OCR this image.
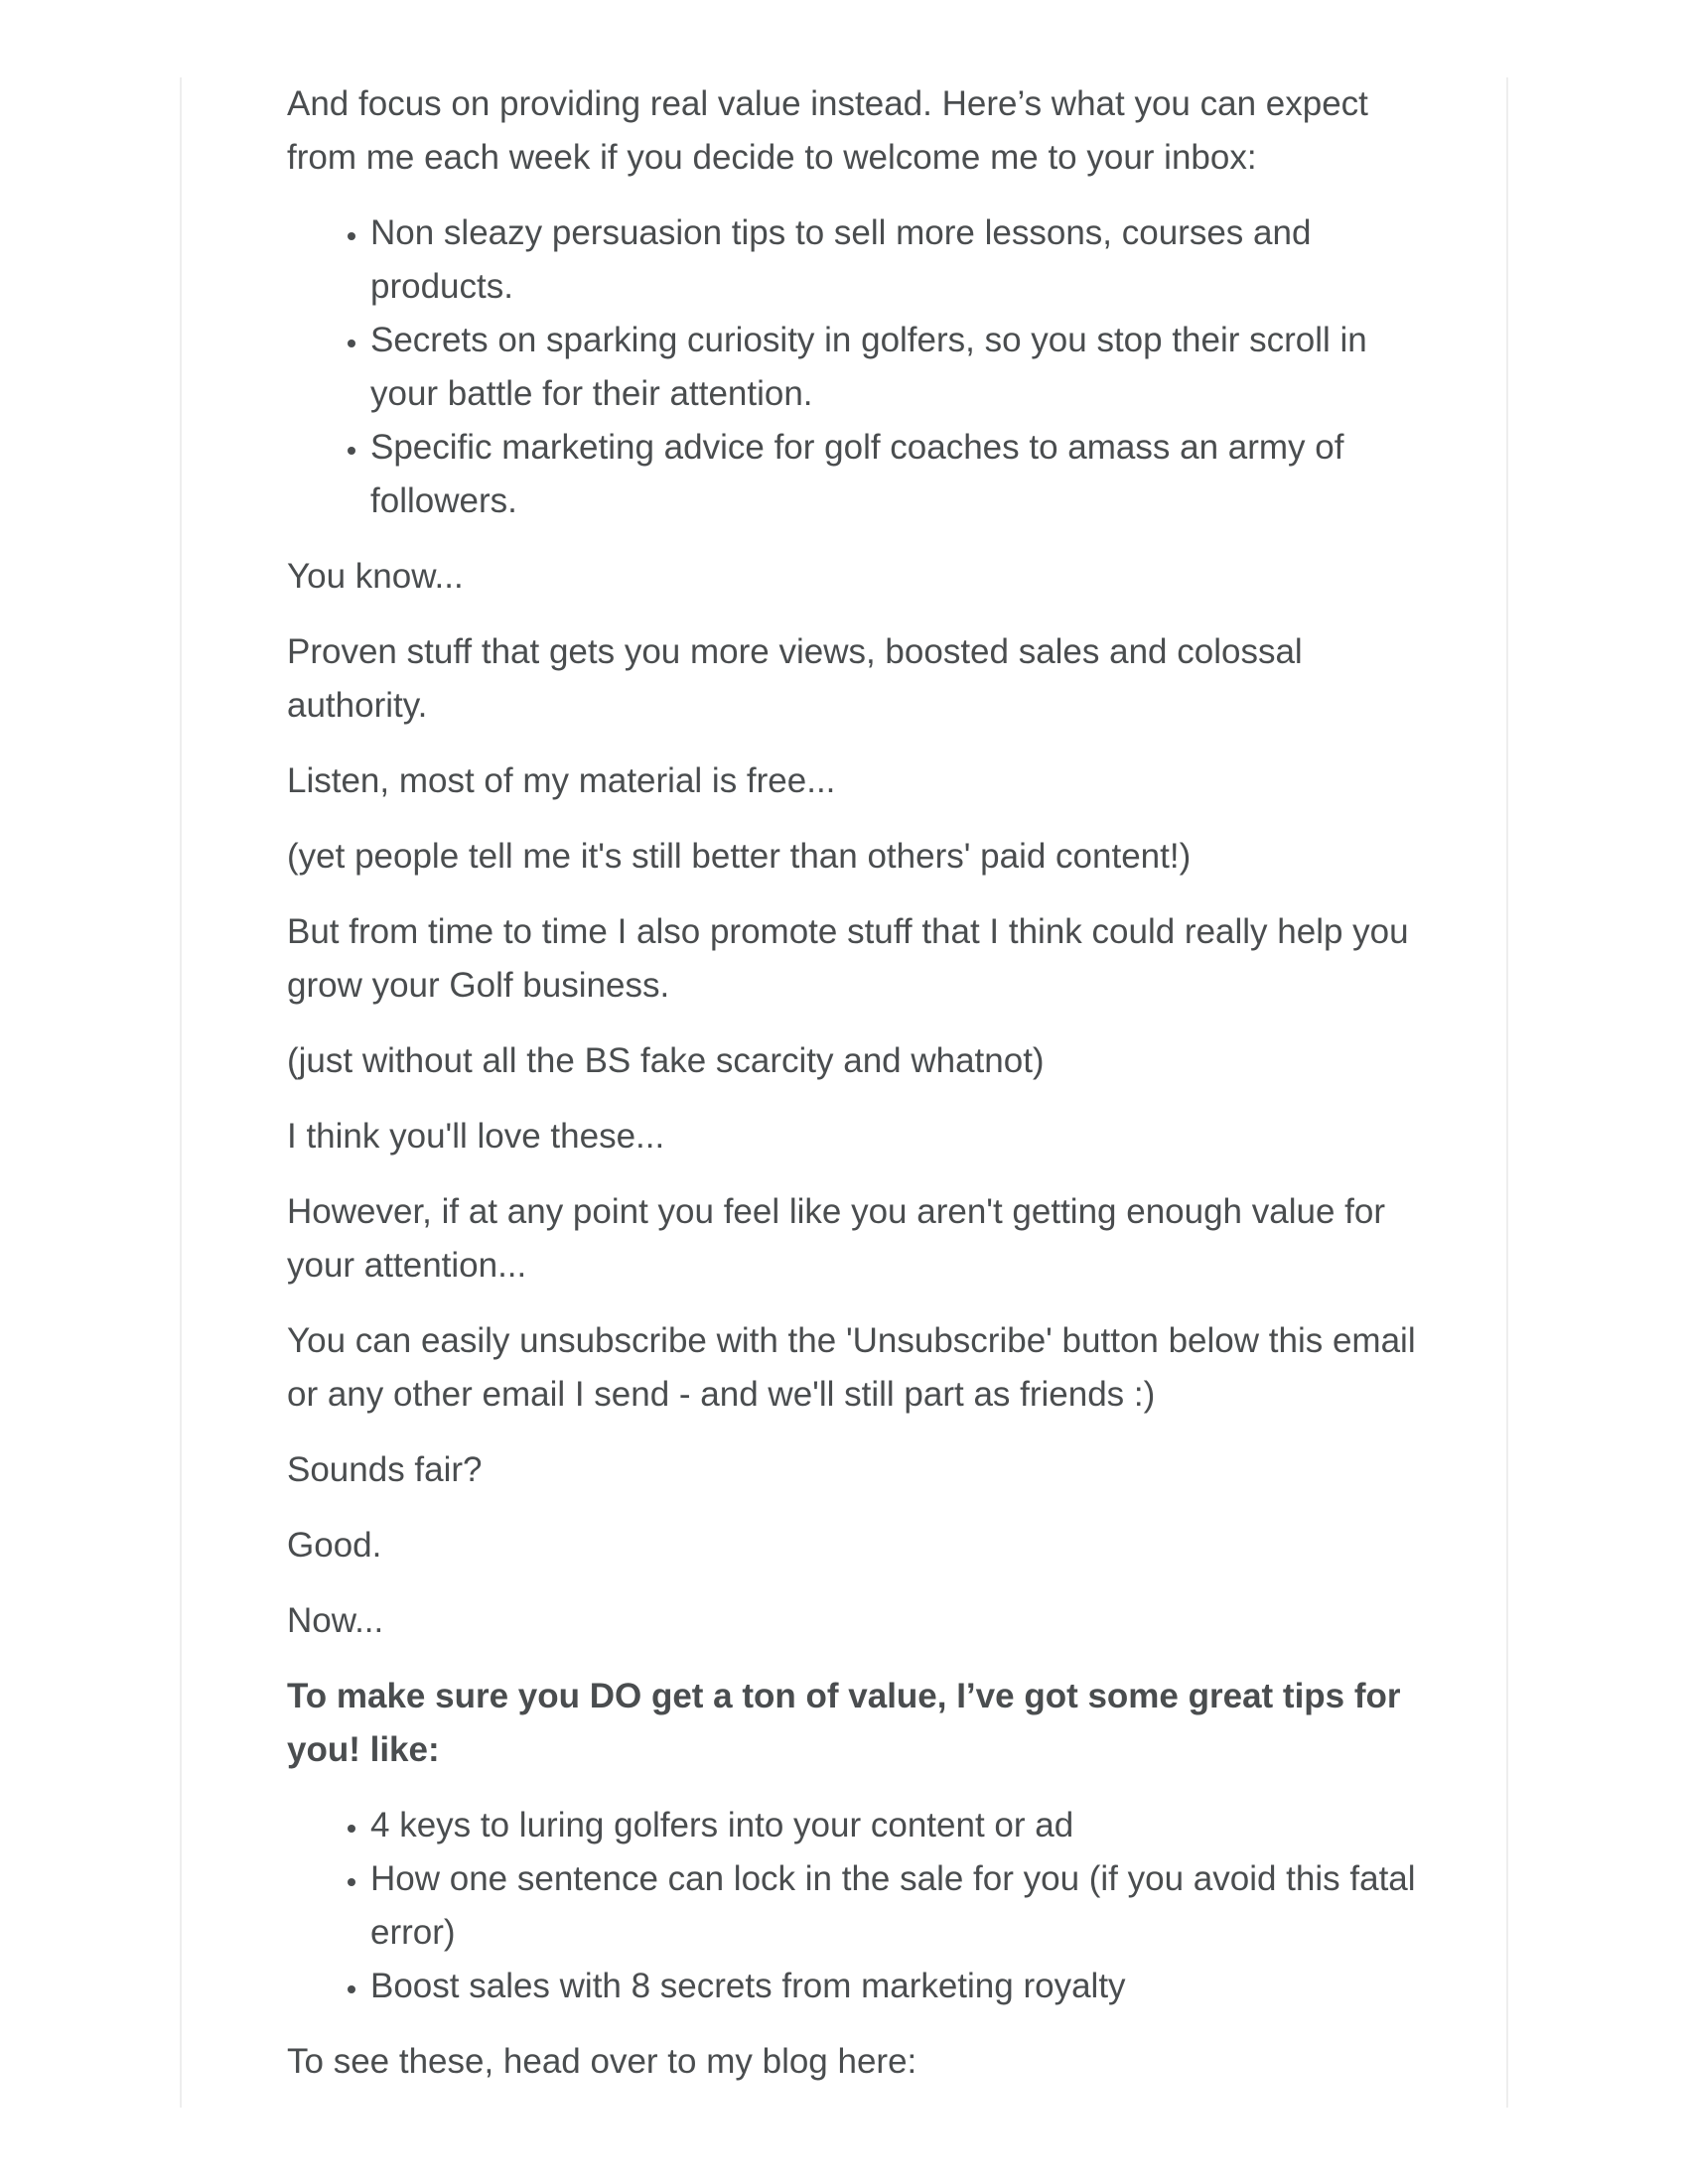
And focus on providing real value instead. Here’s what you can expect from me each week if you decide to welcome me to your inbox:

• Non sleazy persuasion tips to sell more lessons, courses and products.
• Secrets on sparking curiosity in golfers, so you stop their scroll in your battle for their attention.
• Specific marketing advice for golf coaches to amass an army of followers.

You know...

Proven stuff that gets you more views, boosted sales and colossal authority.

Listen, most of my material is free...

(yet people tell me it's still better than others' paid content!)

But from time to time I also promote stuff that I think could really help you grow your Golf business.

(just without all the BS fake scarcity and whatnot)

I think you'll love these...

However, if at any point you feel like you aren't getting enough value for your attention...

You can easily unsubscribe with the 'Unsubscribe' button below this email or any other email I send - and we'll still part as friends :)

Sounds fair?

Good.

Now...

To make sure you DO get a ton of value, I’ve got some great tips for you! like:

• 4 keys to luring golfers into your content or ad
• How one sentence can lock in the sale for you (if you avoid this fatal error)
• Boost sales with 8 secrets from marketing royalty

To see these, head over to my blog here:
